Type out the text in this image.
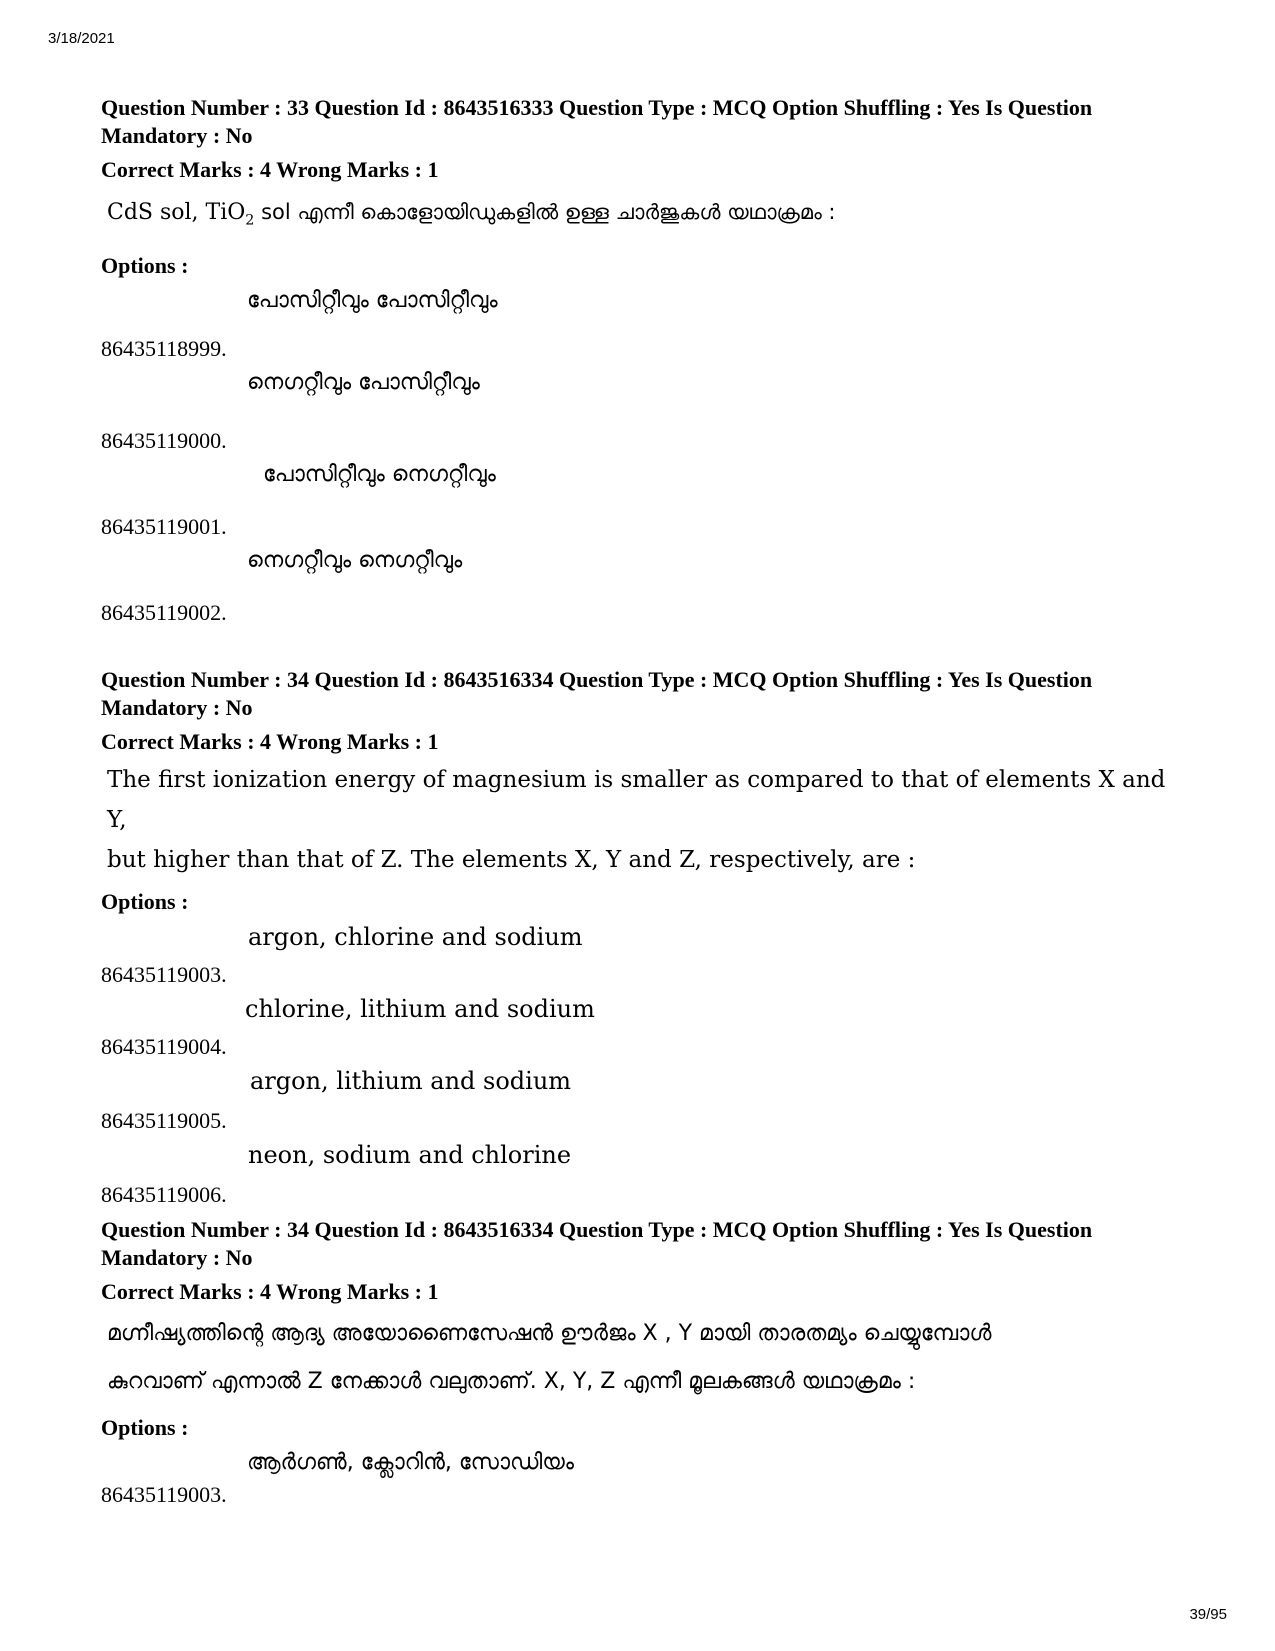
3/18/2021
Question Number : 33 Question Id : 8643516333 Question Type : MCQ Option Shuffling : Yes Is Question Mandatory : No
Correct Marks : 4 Wrong Marks : 1
CdS sol, TiO$_2$ sol എന്നീ കൊളോയിഡുകളിൽ ഉള്ള ചാർജുകൾ യഥാക്രമം :
Options :
പോസിറ്റീവും പോസിറ്റീവും
86435118999.
നെഗറ്റീവും പോസിറ്റീവും
86435119000.
പോസിറ്റീവും നെഗറ്റീവും
86435119001.
നെഗറ്റീവും നെഗറ്റീവും
86435119002.
Question Number : 34 Question Id : 8643516334 Question Type : MCQ Option Shuffling : Yes Is Question Mandatory : No
Correct Marks : 4 Wrong Marks : 1
The first ionization energy of magnesium is smaller as compared to that of elements X and Y,
but higher than that of Z. The elements X, Y and Z, respectively, are :
Options :
argon, chlorine and sodium
86435119003.
chlorine, lithium and sodium
86435119004.
argon, lithium and sodium
86435119005.
neon, sodium and chlorine
86435119006.
Question Number : 34 Question Id : 8643516334 Question Type : MCQ Option Shuffling : Yes Is Question Mandatory : No
Correct Marks : 4 Wrong Marks : 1
മഗ്നീഷ്യത്തിന്റെ ആദ്യ അയോണൈസേഷൻ ഊർജം X , Y മായി താരതമ്യം ചെയ്യുമ്പോൾ
കുറവാണ് എന്നാൽ Z നേക്കാൾ വലുതാണ്. X, Y, Z എന്നീ മൂലകങ്ങൾ യഥാക്രമം :
Options :
ആർഗൺ, ക്ലോറിൻ, സോഡിയം
86435119003.
39/95
